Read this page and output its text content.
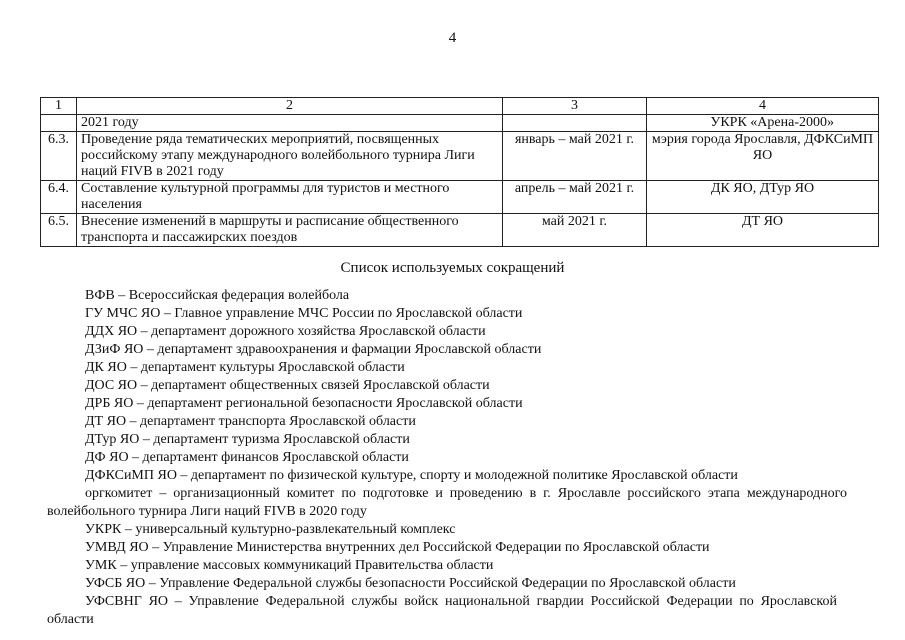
4
1	2	3	4
	2021 году		УКРК «Арена-2000»
6.3.	Проведение ряда тематических мероприятий, посвященных российскому этапу международного волейбольного турнира Лиги наций FIVB в 2021 году	январь – май 2021 г.	мэрия города Ярославля, ДФКСиМП ЯО
6.4.	Составление культурной программы для туристов и местного населения	апрель – май 2021 г.	ДК ЯО, ДТур ЯО
6.5.	Внесение изменений в маршруты и расписание общественного транспорта и пассажирских поездов	май 2021 г.	ДТ ЯО
Список используемых сокращений

ВФВ – Всероссийская федерация волейбола

ГУ МЧС ЯО – Главное управление МЧС России по Ярославской области

ДДХ ЯО – департамент дорожного хозяйства Ярославской области

ДЗиФ ЯО – департамент здравоохранения и фармации Ярославской области

ДК ЯО – департамент культуры Ярославской области

ДОС ЯО – департамент общественных связей Ярославской области

ДРБ ЯО – департамент региональной безопасности Ярославской области

ДТ ЯО – департамент транспорта Ярославской области

ДТур ЯО – департамент туризма Ярославской области

ДФ ЯО – департамент финансов Ярославской области

ДФКСиМП ЯО – департамент по физической культуре, спорту и молодежной политике Ярославской области

оргкомитет – организационный комитет по подготовке и проведению в г. Ярославле российского этапа международного волейбольного турнира Лиги наций FIVB в 2020 году

УКРК – универсальный культурно-развлекательный комплекс

УМВД ЯО – Управление Министерства внутренних дел Российской Федерации по Ярославской области

УМК – управление массовых коммуникаций Правительства области

УФСБ ЯО – Управление Федеральной службы безопасности Российской Федерации по Ярославской области

УФСВНГ ЯО – Управление Федеральной службы войск национальной гвардии Российской Федерации по Ярославской области
